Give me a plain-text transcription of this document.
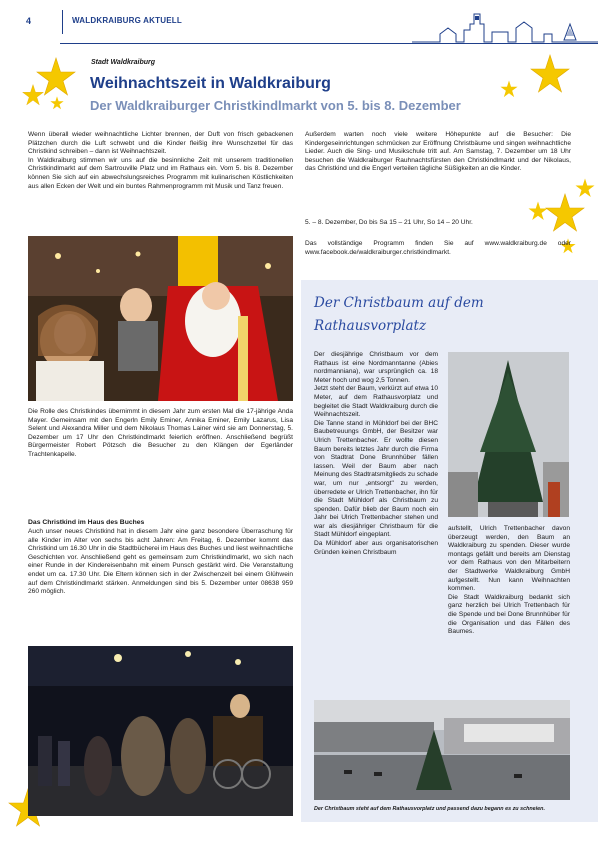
4	WALDKRAIBURG AKTUELL
Stadt Waldkraiburg
Weihnachtszeit in Waldkraiburg
Der Waldkraiburger Christkindlmarkt von 5. bis 8. Dezember
Wenn überall wieder weihnachtliche Lichter brennen, der Duft von frisch gebackenen Plätzchen durch die Luft schwebt und die Kinder fleißig ihre Wunschzettel für das Christkind schreiben – dann ist Weihnachtszeit.
In Waldkraiburg stimmen wir uns auf die besinnliche Zeit mit unserem traditionellen Christkindlmarkt auf dem Sartrouville Platz und im Rathaus ein. Vom 5. bis 8. Dezember können Sie sich auf ein abwechslungsreiches Programm mit kulinarischen Köstlichkeiten aus allen Ecken der Welt und ein buntes Rahmenprogramm mit Musik und Tanz freuen.
Die Rolle des Christkindes übernimmt in diesem Jahr zum ersten Mal die 17-jährige Anda Mayer. Gemeinsam mit den Engerln Emily Eminer, Annika Eminer, Emily Lazarus, Lisa Selent und Alexandra Miller und dem Nikolaus Thomas Lainer wird sie am Donnerstag, 5. Dezember um 17 Uhr den Christkindlmarkt feierlich eröffnen. Anschließend begrüßt Bürgermeister Robert Pötzsch die Besucher zu den Klängen der Egerländer Trachtenkapelle.
Das Christkind im Haus des Buches
Auch unser neues Christkind hat in diesem Jahr eine ganz besondere Überraschung für alle Kinder im Alter von sechs bis acht Jahren: Am Freitag, 6. Dezember kommt das Christkind um 16.30 Uhr in die Stadtbücherei im Haus des Buches und liest weihnachtliche Geschichten vor. Anschließend geht es gemeinsam zum Christkindlmarkt, wo sich nach einer Runde in der Kindereisenbahn mit einem Punsch gestärkt wird. Die Veranstaltung endet um ca. 17.30 Uhr. Die Eltern können sich in der Zwischenzeit bei einem Glühwein auf dem Christkindlmarkt stärken. Anmeldungen sind bis 5. Dezember unter 08638 959 260 möglich.
Außerdem warten noch viele weitere Höhepunkte auf die Besucher: Die Kindergeseinrichtungen schmücken zur Eröffnung Christbäume und singen weihnachtliche Lieder. Auch die Sing- und Musikschule tritt auf. Am Samstag, 7. Dezember um 18 Uhr besuchen die Waldkraiburger Rauhnachtsfürsten den Christkindlmarkt und der Nikolaus, das Christkind und die Engerl verteilen tägliche Süßigkeiten an die Kinder.
5. – 8. Dezember, Do bis Sa 15 – 21 Uhr, So 14 – 20 Uhr.
Das vollständige Programm finden Sie auf www.waldkraiburg.de oder www.facebook.de/waldkraiburger.christkindlmarkt.
Der Christbaum auf dem
Rathausvorplatz
Der diesjährige Christbaum vor dem Rathaus ist eine Nordmanntanne (Abies nordmanniana), war ursprünglich ca. 18 Meter hoch und wog 2,5 Tonnen.
Jetzt steht der Baum, verkürzt auf etwa 10 Meter, auf dem Rathausvorplatz und begleitet die Stadt Waldkraiburg durch die Weihnachtszeit.
Die Tanne stand in Mühldorf bei der BHC Baubetreuungs GmbH, der Besitzer war Ulrich Trettenbacher. Er wollte diesen Baum bereits letztes Jahr durch die Firma von Stadtrat Done Brunnhüber fällen lassen. Weil der Baum aber nach Meinung des Stadtratsmitglieds zu schade war, um nur „entsorgt" zu werden, überredete er Ulrich Trettenbacher, ihn für die Stadt Mühldorf als Christbaum zu spenden. Dafür blieb der Baum noch ein Jahr bei Ulrich Trettenbacher stehen und war als diesjähriger Christbaum für die Stadt Mühldorf eingeplant.
Da Mühldorf aber aus organisatorischen Gründen keinen Christbaum
aufstellt, Ulrich Trettenbacher davon überzeugt werden, den Baum an Waldkraiburg zu spenden. Dieser wurde montags gefällt und bereits am Dienstag vor dem Rathaus von den Mitarbeitern der Stadtwerke Waldkraiburg GmbH aufgestellt. Nun kann Weihnachten kommen.
Die Stadt Waldkraiburg bedankt sich ganz herzlich bei Ulrich Trettenbach für die Spende und bei Done Brunnhüber für die Organisation und das Fällen des Baumes.
Der Christbaum steht auf dem Rathausvorplatz und passend dazu begann es zu schneien.
